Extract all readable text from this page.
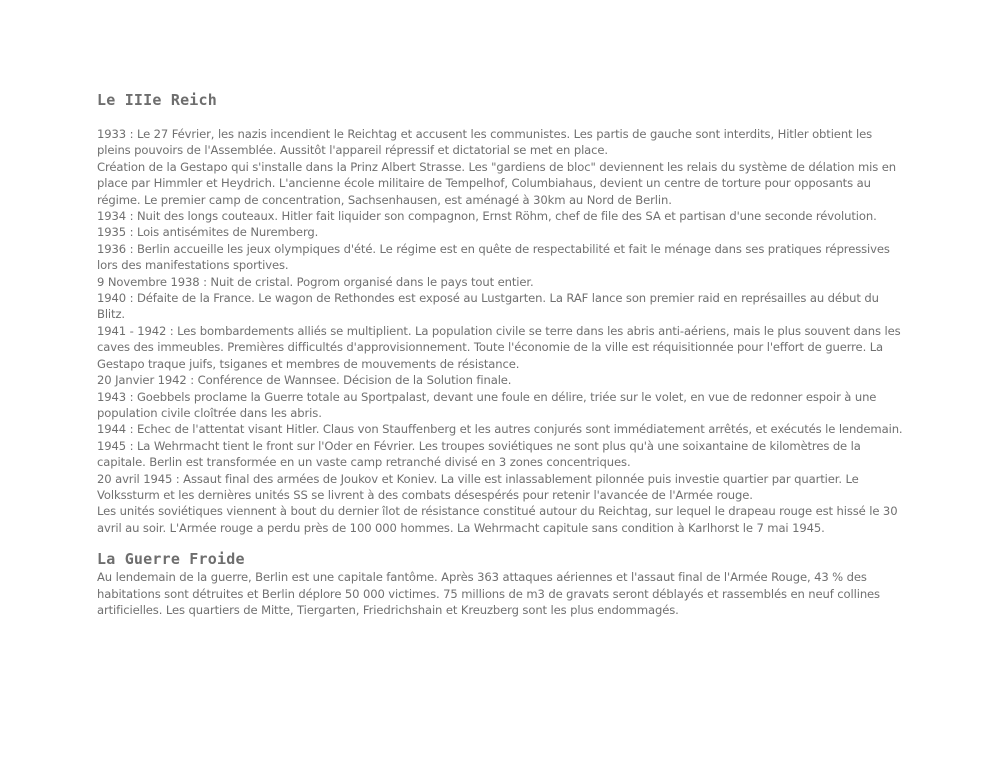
Le IIIe Reich

1933 : Le 27 Février, les nazis incendient le Reichtag et accusent les communistes. Les partis de gauche sont interdits, Hitler obtient les pleins pouvoirs de l'Assemblée. Aussitôt l'appareil répressif et dictatorial se met en place.

Création de la Gestapo qui s'installe dans la Prinz Albert Strasse. Les "gardiens de bloc" deviennent les relais du système de délation mis en place par Himmler et Heydrich. L'ancienne école militaire de Tempelhof, Columbiahaus, devient un centre de torture pour opposants au régime. Le premier camp de concentration, Sachsenhausen, est aménagé à 30km au Nord de Berlin.

1934 : Nuit des longs couteaux. Hitler fait liquider son compagnon, Ernst Röhm, chef de file des SA et partisan d'une seconde révolution.

1935 : Lois antisémites de Nuremberg.

1936 : Berlin accueille les jeux olympiques d'été. Le régime est en quête de respectabilité et fait le ménage dans ses pratiques répressives lors des manifestations sportives.

9 Novembre 1938 : Nuit de cristal. Pogrom organisé dans le pays tout entier.

1940 : Défaite de la France. Le wagon de Rethondes est exposé au Lustgarten. La RAF lance son premier raid en représailles au début du Blitz.

1941 - 1942 : Les bombardements alliés se multiplient. La population civile se terre dans les abris anti-aériens, mais le plus souvent dans les caves des immeubles. Premières difficultés d'approvisionnement. Toute l'économie de la ville est réquisitionnée pour l'effort de guerre. La Gestapo traque juifs, tsiganes et membres de mouvements de résistance.

20 Janvier 1942 : Conférence de Wannsee. Décision de la Solution finale.

1943 : Goebbels proclame la Guerre totale au Sportpalast, devant une foule en délire, triée sur le volet, en vue de redonner espoir à une population civile cloîtrée dans les abris.

1944 : Echec de l'attentat visant Hitler. Claus von Stauffenberg et les autres conjurés sont immédiatement arrêtés, et exécutés le lendemain.

1945 : La Wehrmacht tient le front sur l'Oder en Février. Les troupes soviétiques ne sont plus qu'à une soixantaine de kilomètres de la capitale. Berlin est transformée en un vaste camp retranché divisé en 3 zones concentriques.

20 avril 1945 : Assaut final des armées de Joukov et Koniev. La ville est inlassablement pilonnée puis investie quartier par quartier. Le Volkssturm et les dernières unités SS se livrent à des combats désespérés pour retenir l'avancée de l'Armée rouge.

Les unités soviétiques viennent à bout du dernier îlot de résistance constitué autour du Reichtag, sur lequel le drapeau rouge est hissé le 30 avril au soir. L'Armée rouge a perdu près de 100 000 hommes. La Wehrmacht capitule sans condition à Karlhorst le 7 mai 1945.

La Guerre Froide

Au lendemain de la guerre, Berlin est une capitale fantôme. Après 363 attaques aériennes et l'assaut final de l'Armée Rouge, 43 % des habitations sont détruites et Berlin déplore 50 000 victimes. 75 millions de m3 de gravats seront déblayés et rassemblés en neuf collines artificielles. Les quartiers de Mitte, Tiergarten, Friedrichshain et Kreuzberg sont les plus endommagés.
